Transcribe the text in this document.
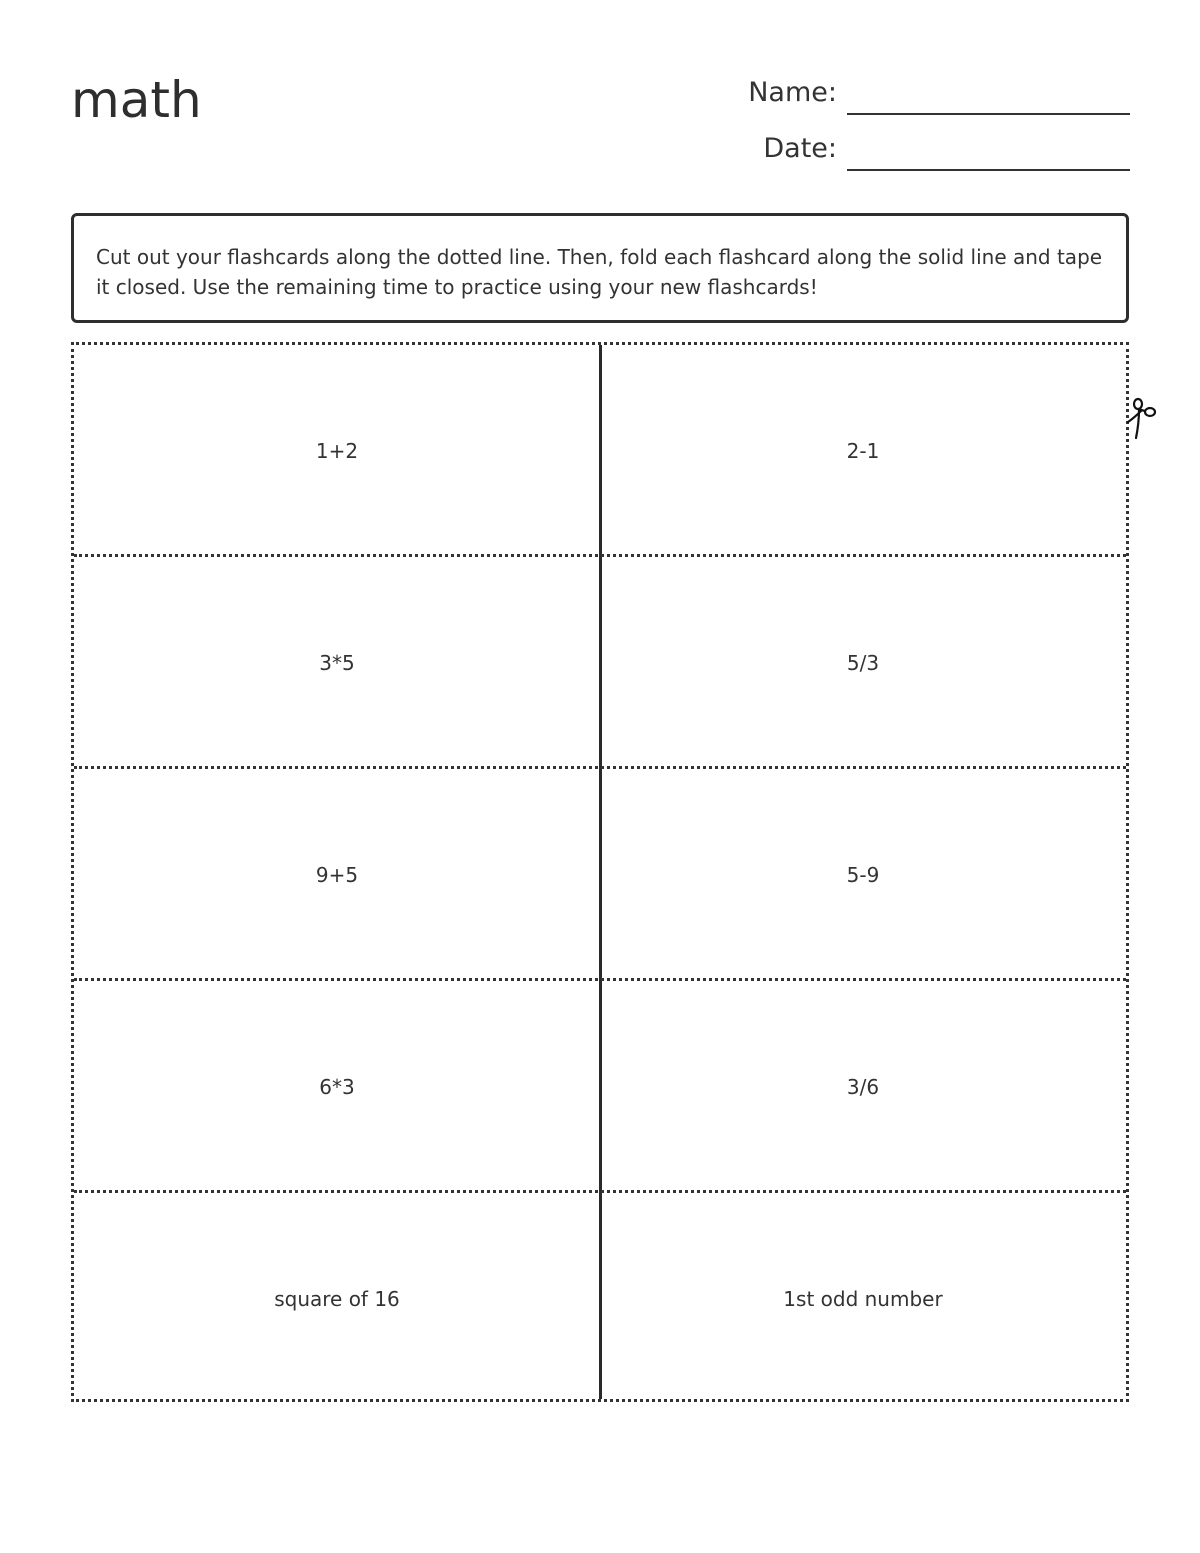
math	Name:
Date:
Cut out your flashcards along the dotted line. Then, fold each flashcard along the solid line and tape it closed. Use the remaining time to practice using your new flashcards!
1+2	2-1
3*5	5/3
9+5	5-9
6*3	3/6
square of 16	1st odd number
